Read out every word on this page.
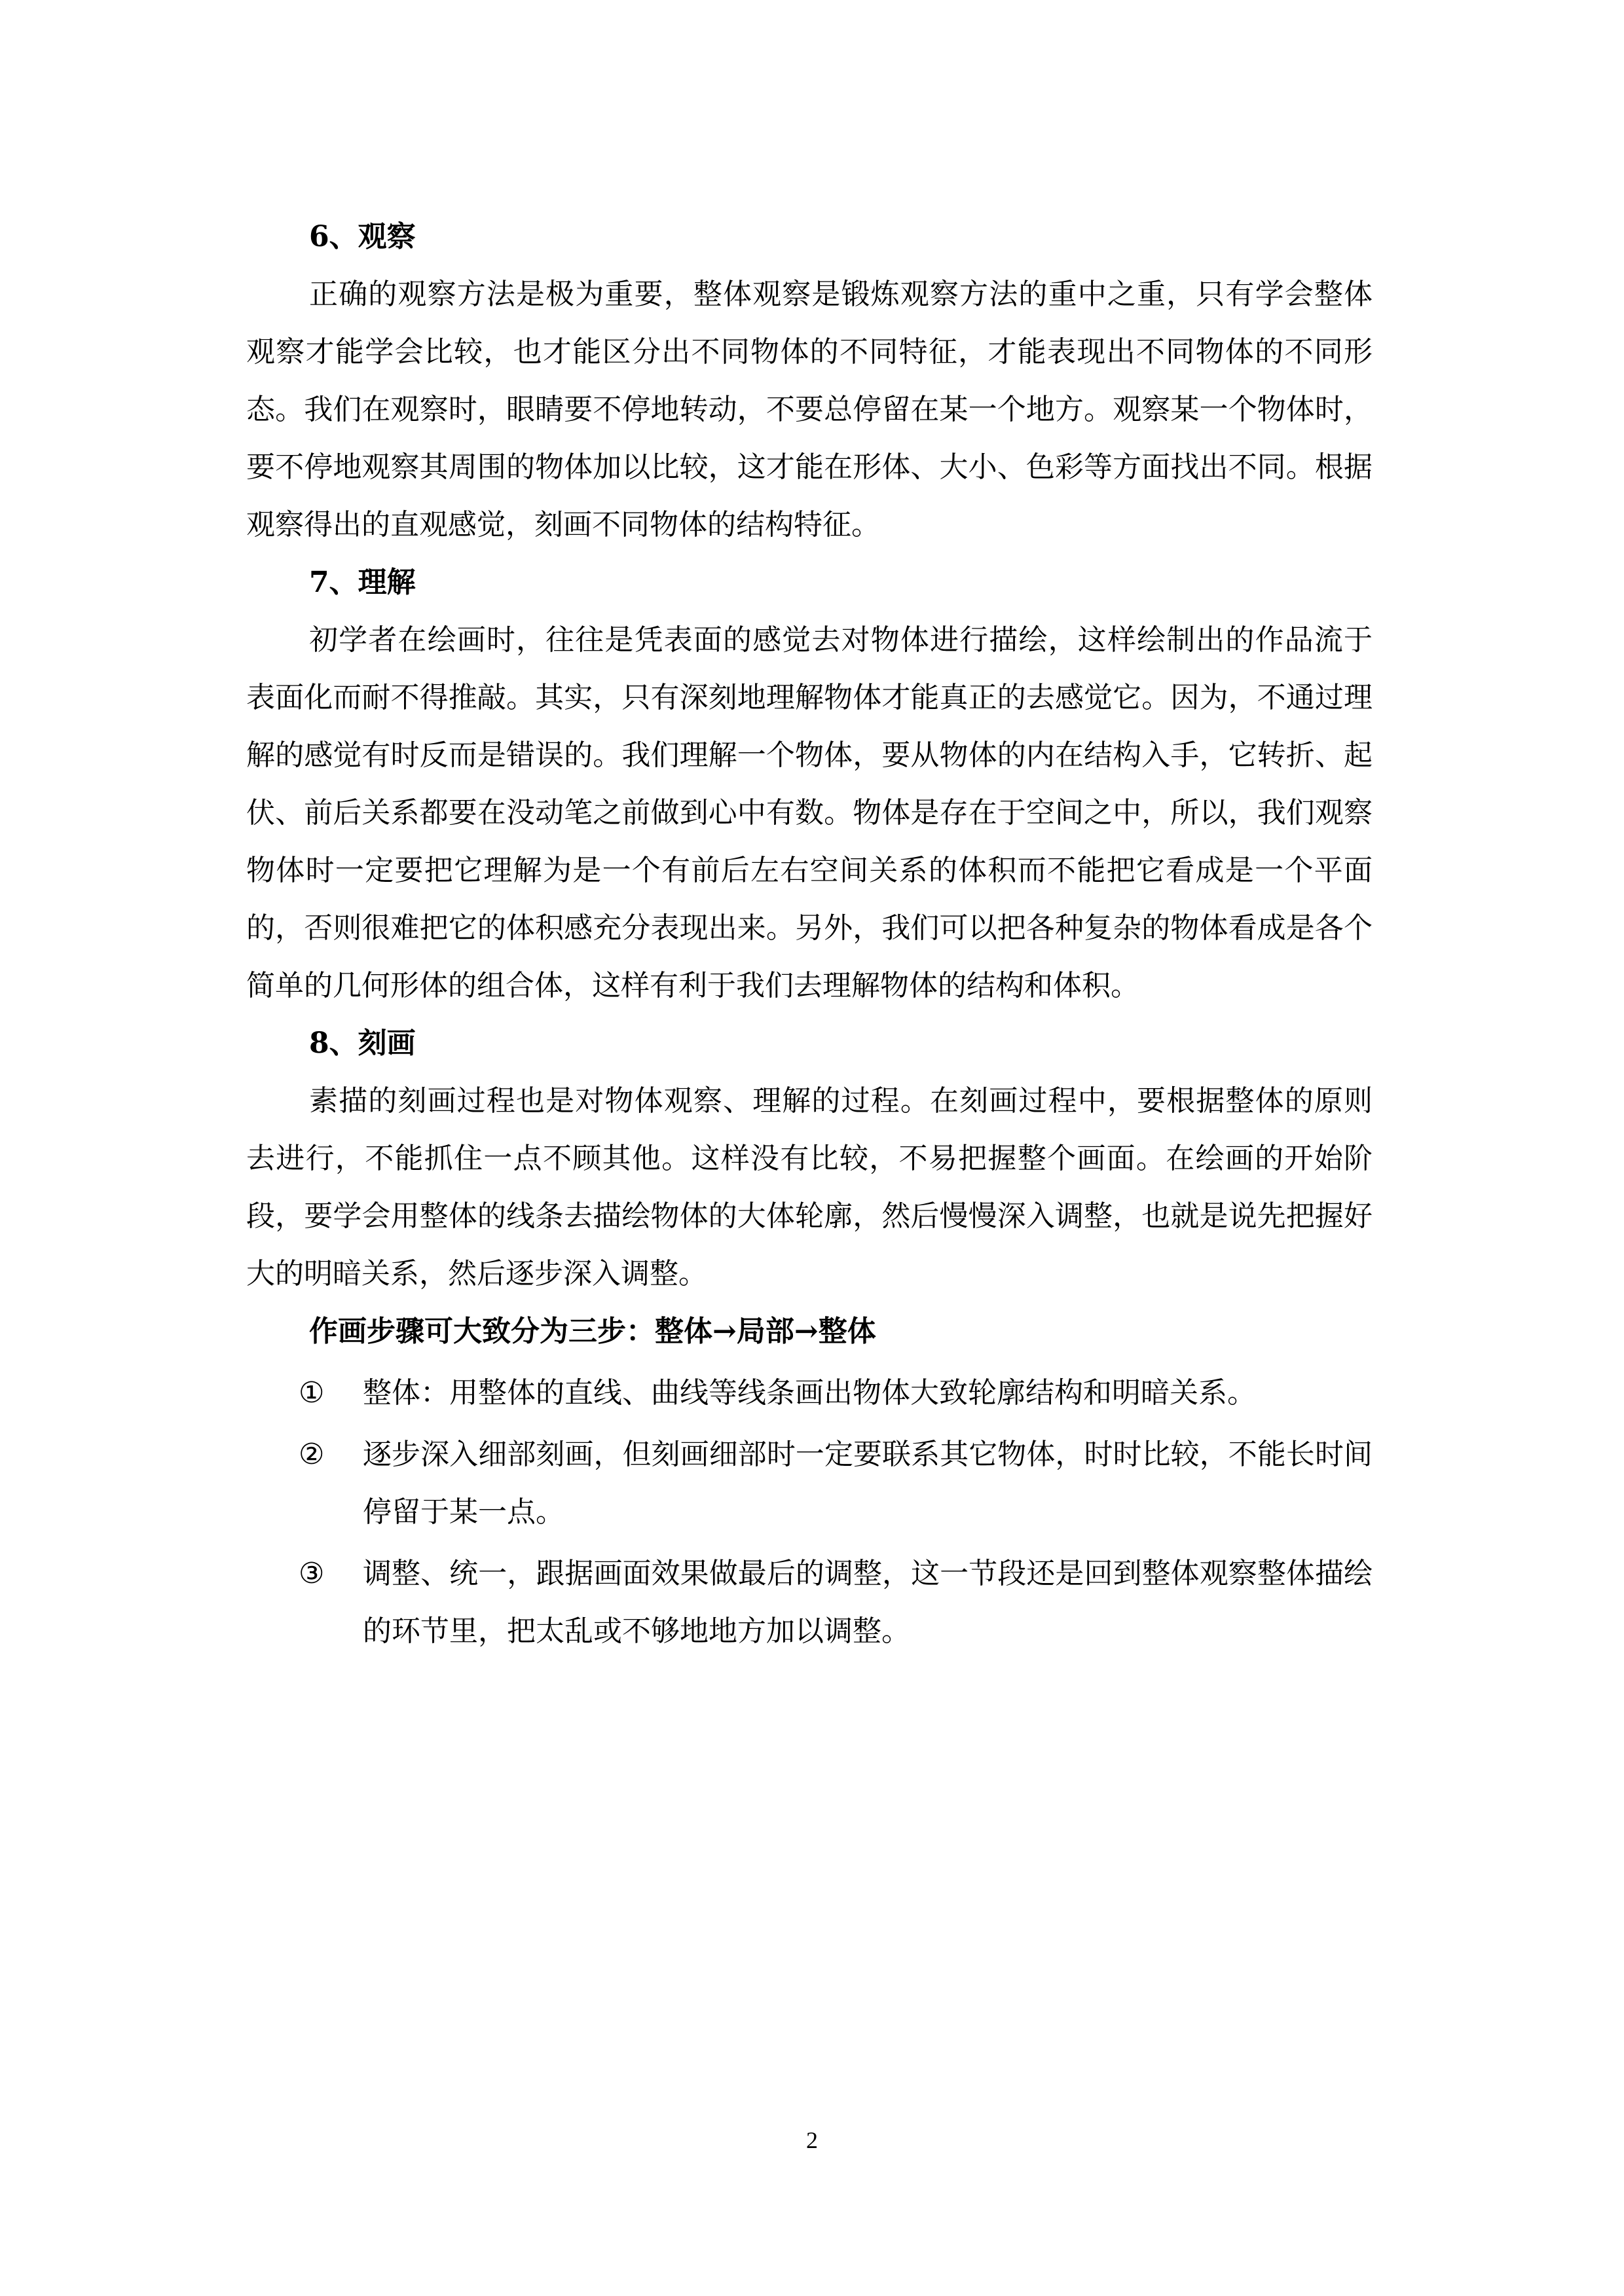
6、观察

正确的观察方法是极为重要，整体观察是锻炼观察方法的重中之重，只有学会整体观察才能学会比较，也才能区分出不同物体的不同特征，才能表现出不同物体的不同形态。我们在观察时，眼睛要不停地转动，不要总停留在某一个地方。观察某一个物体时，要不停地观察其周围的物体加以比较，这才能在形体、大小、色彩等方面找出不同。根据观察得出的直观感觉，刻画不同物体的结构特征。

7、理解

初学者在绘画时，往往是凭表面的感觉去对物体进行描绘，这样绘制出的作品流于表面化而耐不得推敲。其实，只有深刻地理解物体才能真正的去感觉它。因为，不通过理解的感觉有时反而是错误的。我们理解一个物体，要从物体的内在结构入手，它转折、起伏、前后关系都要在没动笔之前做到心中有数。物体是存在于空间之中，所以，我们观察物体时一定要把它理解为是一个有前后左右空间关系的体积而不能把它看成是一个平面的，否则很难把它的体积感充分表现出来。另外，我们可以把各种复杂的物体看成是各个简单的几何形体的组合体，这样有利于我们去理解物体的结构和体积。

8、刻画

素描的刻画过程也是对物体观察、理解的过程。在刻画过程中，要根据整体的原则去进行，不能抓住一点不顾其他。这样没有比较，不易把握整个画面。在绘画的开始阶段，要学会用整体的线条去描绘物体的大体轮廓，然后慢慢深入调整，也就是说先把握好大的明暗关系，然后逐步深入调整。

作画步骤可大致分为三步：整体→局部→整体

①	整体：用整体的直线、曲线等线条画出物体大致轮廓结构和明暗关系。
②	逐步深入细部刻画，但刻画细部时一定要联系其它物体，时时比较，不能长时间停留于某一点。
③	调整、统一，跟据画面效果做最后的调整，这一节段还是回到整体观察整体描绘的环节里，把太乱或不够地地方加以调整。
2
